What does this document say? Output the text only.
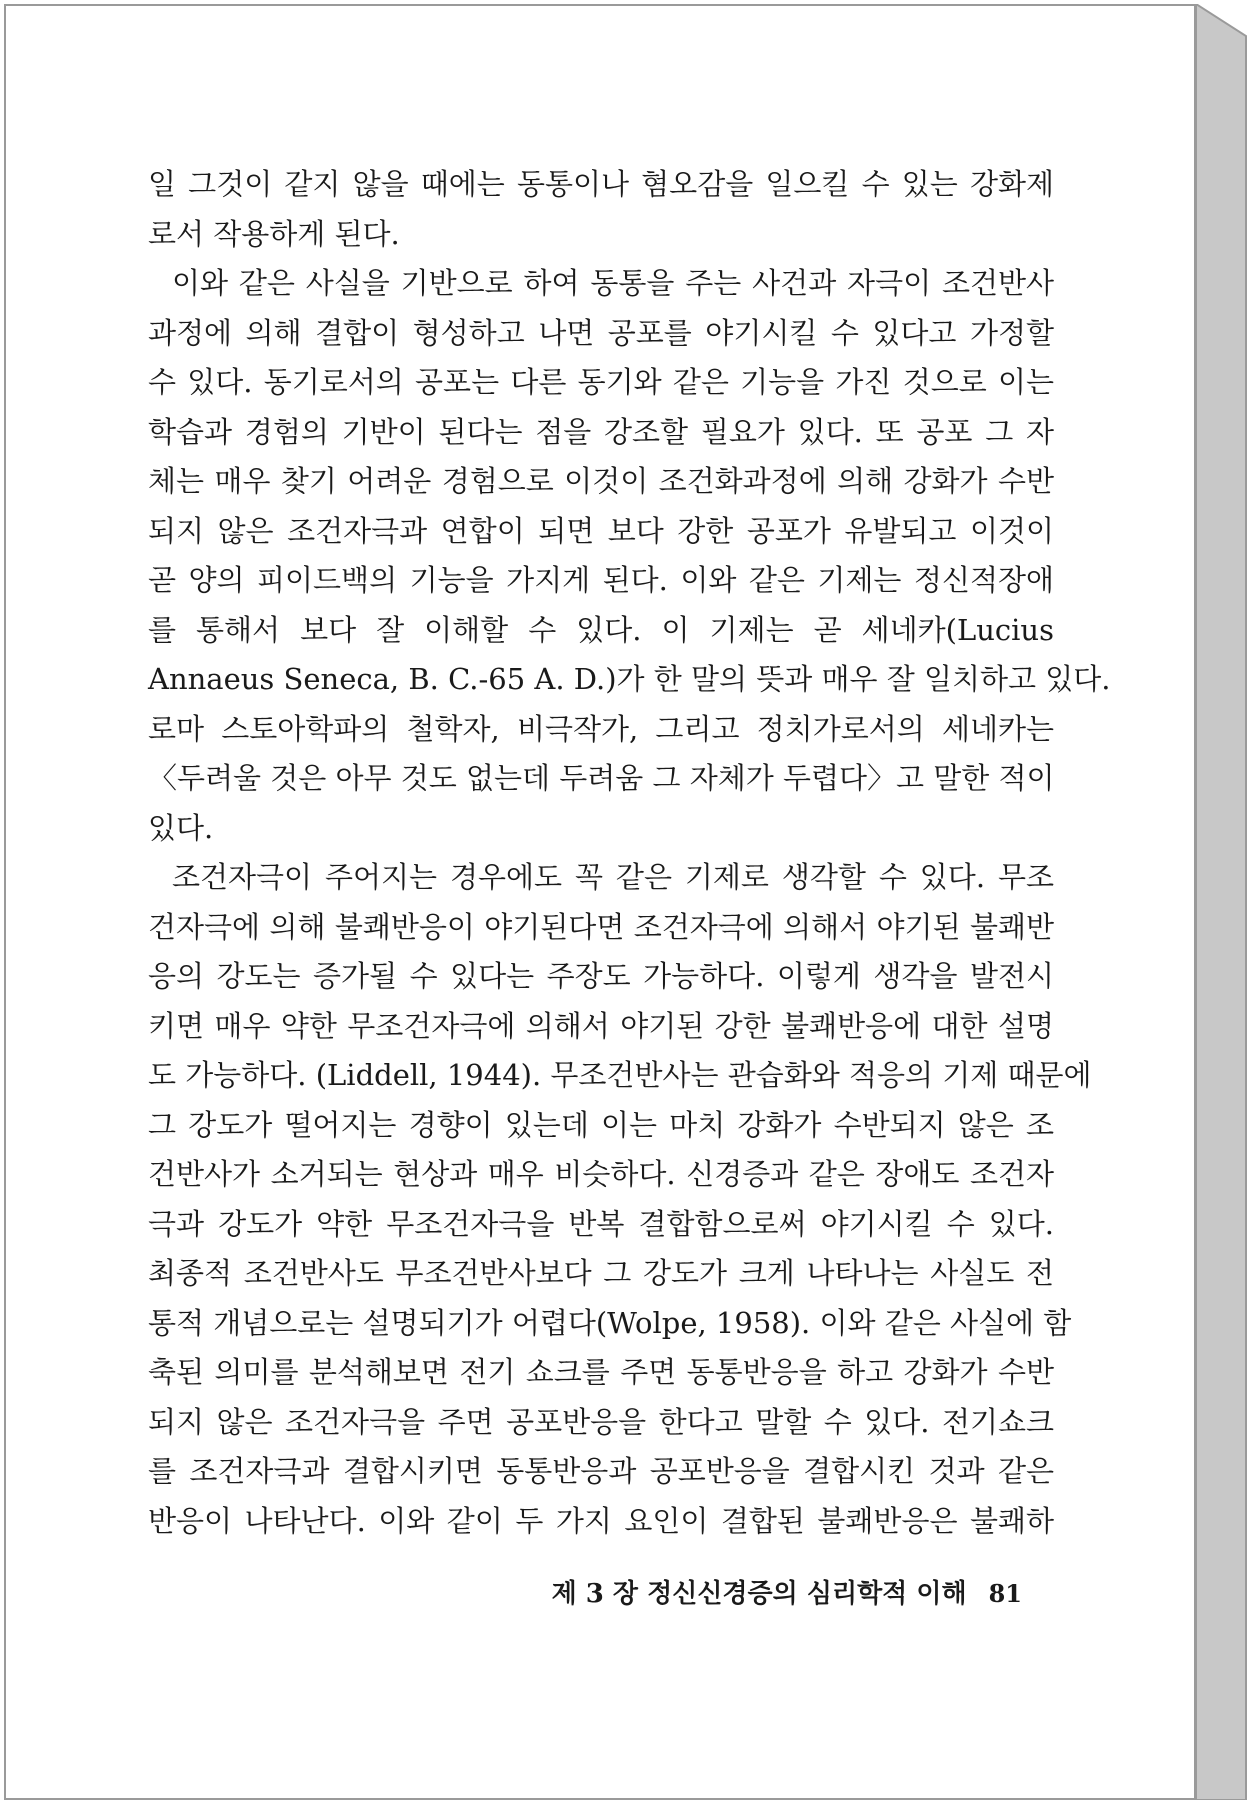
일 그것이 같지 않을 때에는 동통이나 혐오감을 일으킬 수 있는 강화제
로서 작용하게 된다.
이와 같은 사실을 기반으로 하여 동통을 주는 사건과 자극이 조건반사
과정에 의해 결합이 형성하고 나면 공포를 야기시킬 수 있다고 가정할
수 있다. 동기로서의 공포는 다른 동기와 같은 기능을 가진 것으로 이는
학습과 경험의 기반이 된다는 점을 강조할 필요가 있다. 또 공포 그 자
체는 매우 찾기 어려운 경험으로 이것이 조건화과정에 의해 강화가 수반
되지 않은 조건자극과 연합이 되면 보다 강한 공포가 유발되고 이것이
곧 양의 피이드백의 기능을 가지게 된다. 이와 같은 기제는 정신적장애
를 통해서 보다 잘 이해할 수 있다. 이 기제는 곧 세네카(Lucius
Annaeus Seneca, B. C.-65 A. D.)가 한 말의 뜻과 매우 잘 일치하고 있다.
로마 스토아학파의 철학자, 비극작가, 그리고 정치가로서의 세네카는
〈두려울 것은 아무 것도 없는데 두려움 그 자체가 두렵다〉고 말한 적이
있다.
조건자극이 주어지는 경우에도 꼭 같은 기제로 생각할 수 있다. 무조
건자극에 의해 불쾌반응이 야기된다면 조건자극에 의해서 야기된 불쾌반
응의 강도는 증가될 수 있다는 주장도 가능하다. 이렇게 생각을 발전시
키면 매우 약한 무조건자극에 의해서 야기된 강한 불쾌반응에 대한 설명
도 가능하다. (Liddell, 1944). 무조건반사는 관습화와 적응의 기제 때문에
그 강도가 떨어지는 경향이 있는데 이는 마치 강화가 수반되지 않은 조
건반사가 소거되는 현상과 매우 비슷하다. 신경증과 같은 장애도 조건자
극과 강도가 약한 무조건자극을 반복 결합함으로써 야기시킬 수 있다.
최종적 조건반사도 무조건반사보다 그 강도가 크게 나타나는 사실도 전
통적 개념으로는 설명되기가 어렵다(Wolpe, 1958). 이와 같은 사실에 함
축된 의미를 분석해보면 전기 쇼크를 주면 동통반응을 하고 강화가 수반
되지 않은 조건자극을 주면 공포반응을 한다고 말할 수 있다. 전기쇼크
를 조건자극과 결합시키면 동통반응과 공포반응을 결합시킨 것과 같은
반응이 나타난다. 이와 같이 두 가지 요인이 결합된 불쾌반응은 불쾌하
제 3 장 정신신경증의 심리학적 이해 81
